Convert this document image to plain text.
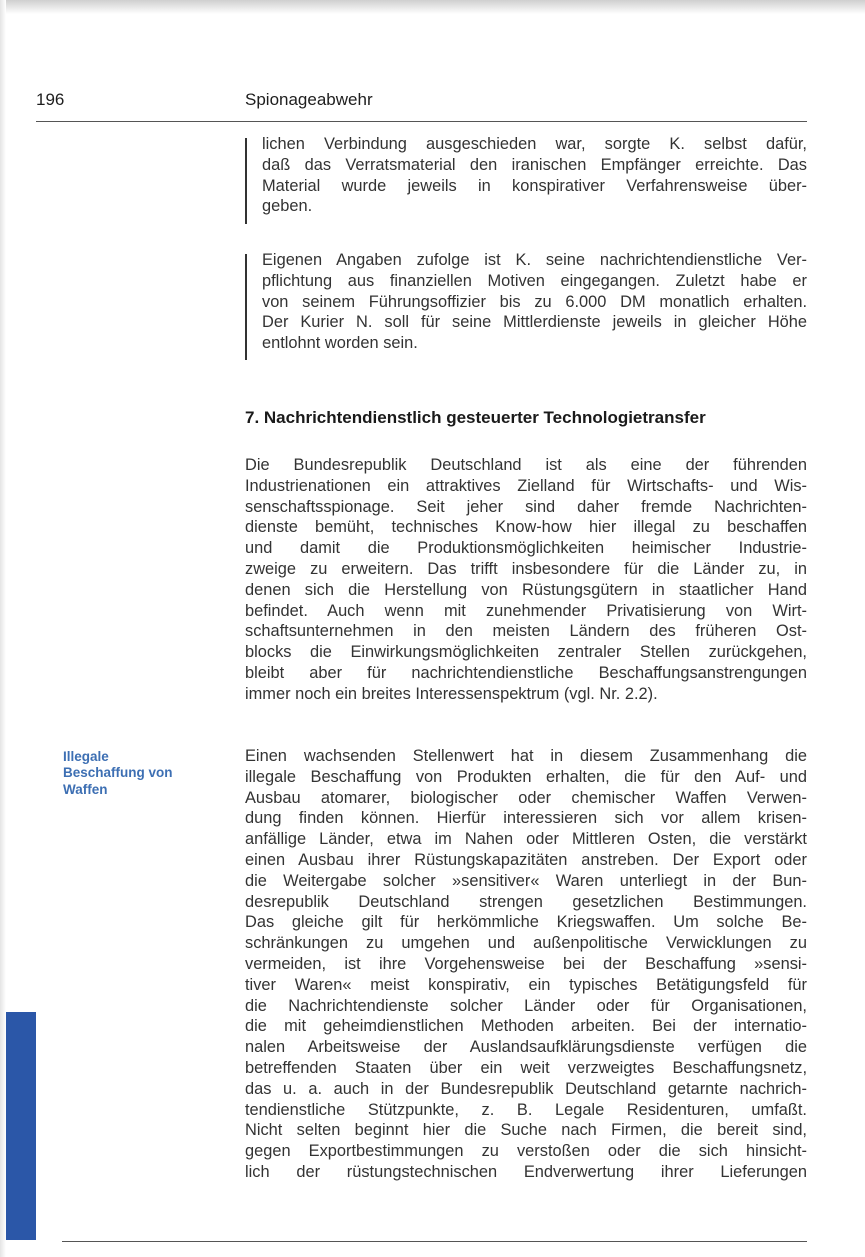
196	Spionageabwehr
lichen Verbindung ausgeschieden war, sorgte K. selbst dafür,
daß das Verratsmaterial den iranischen Empfänger erreichte. Das
Material wurde jeweils in konspirativer Verfahrensweise über-
geben.
Eigenen Angaben zufolge ist K. seine nachrichtendienstliche Ver-
pflichtung aus finanziellen Motiven eingegangen. Zuletzt habe er
von seinem Führungsoffizier bis zu 6.000 DM monatlich erhalten.
Der Kurier N. soll für seine Mittlerdienste jeweils in gleicher Höhe
entlohnt worden sein.
7. Nachrichtendienstlich gesteuerter Technologietransfer
Die Bundesrepublik Deutschland ist als eine der führenden
Industrienationen ein attraktives Zielland für Wirtschafts- und Wis-
senschaftsspionage. Seit jeher sind daher fremde Nachrichten-
dienste bemüht, technisches Know-how hier illegal zu beschaffen
und damit die Produktionsmöglichkeiten heimischer Industrie-
zweige zu erweitern. Das trifft insbesondere für die Länder zu, in
denen sich die Herstellung von Rüstungsgütern in staatlicher Hand
befindet. Auch wenn mit zunehmender Privatisierung von Wirt-
schaftsunternehmen in den meisten Ländern des früheren Ost-
blocks die Einwirkungsmöglichkeiten zentraler Stellen zurückgehen,
bleibt aber für nachrichtendienstliche Beschaffungsanstrengungen
immer noch ein breites Interessenspektrum (vgl. Nr. 2.2).
Illegale
Beschaffung von
Waffen
Einen wachsenden Stellenwert hat in diesem Zusammenhang die
illegale Beschaffung von Produkten erhalten, die für den Auf- und
Ausbau atomarer, biologischer oder chemischer Waffen Verwen-
dung finden können. Hierfür interessieren sich vor allem krisen-
anfällige Länder, etwa im Nahen oder Mittleren Osten, die verstärkt
einen Ausbau ihrer Rüstungskapazitäten anstreben. Der Export oder
die Weitergabe solcher »sensitiver« Waren unterliegt in der Bun-
desrepublik Deutschland strengen gesetzlichen Bestimmungen.
Das gleiche gilt für herkömmliche Kriegswaffen. Um solche Be-
schränkungen zu umgehen und außenpolitische Verwicklungen zu
vermeiden, ist ihre Vorgehensweise bei der Beschaffung »sensi-
tiver Waren« meist konspirativ, ein typisches Betätigungsfeld für
die Nachrichtendienste solcher Länder oder für Organisationen,
die mit geheimdienstlichen Methoden arbeiten. Bei der internatio-
nalen Arbeitsweise der Auslandsaufklärungsdienste verfügen die
betreffenden Staaten über ein weit verzweigtes Beschaffungsnetz,
das u. a. auch in der Bundesrepublik Deutschland getarnte nachrich-
tendienstliche Stützpunkte, z. B. Legale Residenturen, umfaßt.
Nicht selten beginnt hier die Suche nach Firmen, die bereit sind,
gegen Exportbestimmungen zu verstoßen oder die sich hinsicht-
lich der rüstungstechnischen Endverwertung ihrer Lieferungen
